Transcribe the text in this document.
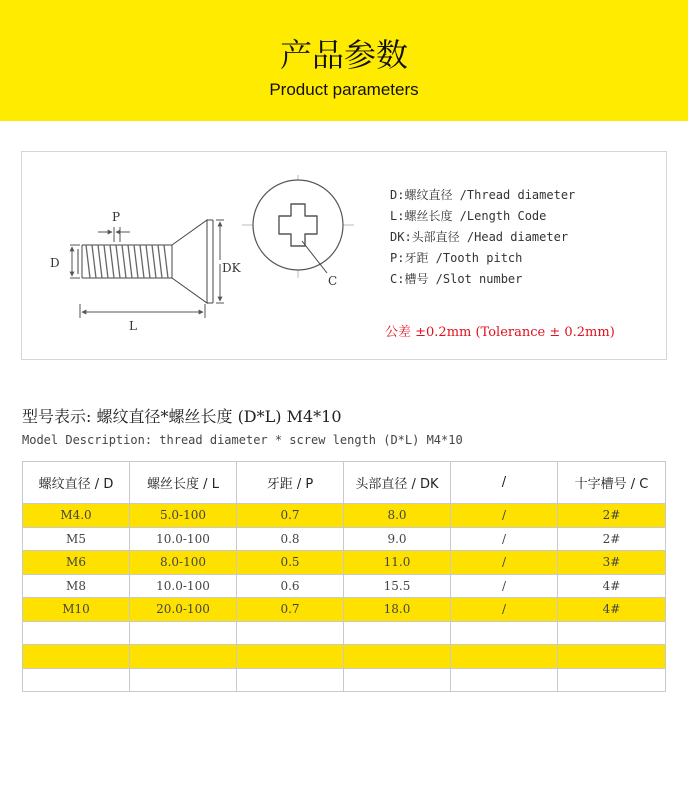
产品参数
Product parameters
P
D	DK
L
C
D:螺纹直径 /Thread diameter
L:螺丝长度 /Length Code
DK:头部直径 /Head diameter
P:牙距 /Tooth pitch
C:槽号 /Slot number
公差 ±0.2mm (Tolerance ± 0.2mm)
型号表示: 螺纹直径*螺丝长度 (D*L) M4*10
Model Description: thread diameter * screw length (D*L) M4*10
螺纹直径 / D	螺丝长度 / L	牙距 / P	头部直径 / DK	/	十字槽号 / C
M4.0	5.0-100	0.7	8.0	/	2#
M5	10.0-100	0.8	9.0	/	2#
M6	8.0-100	0.5	11.0	/	3#
M8	10.0-100	0.6	15.5	/	4#
M10	20.0-100	0.7	18.0	/	4#
